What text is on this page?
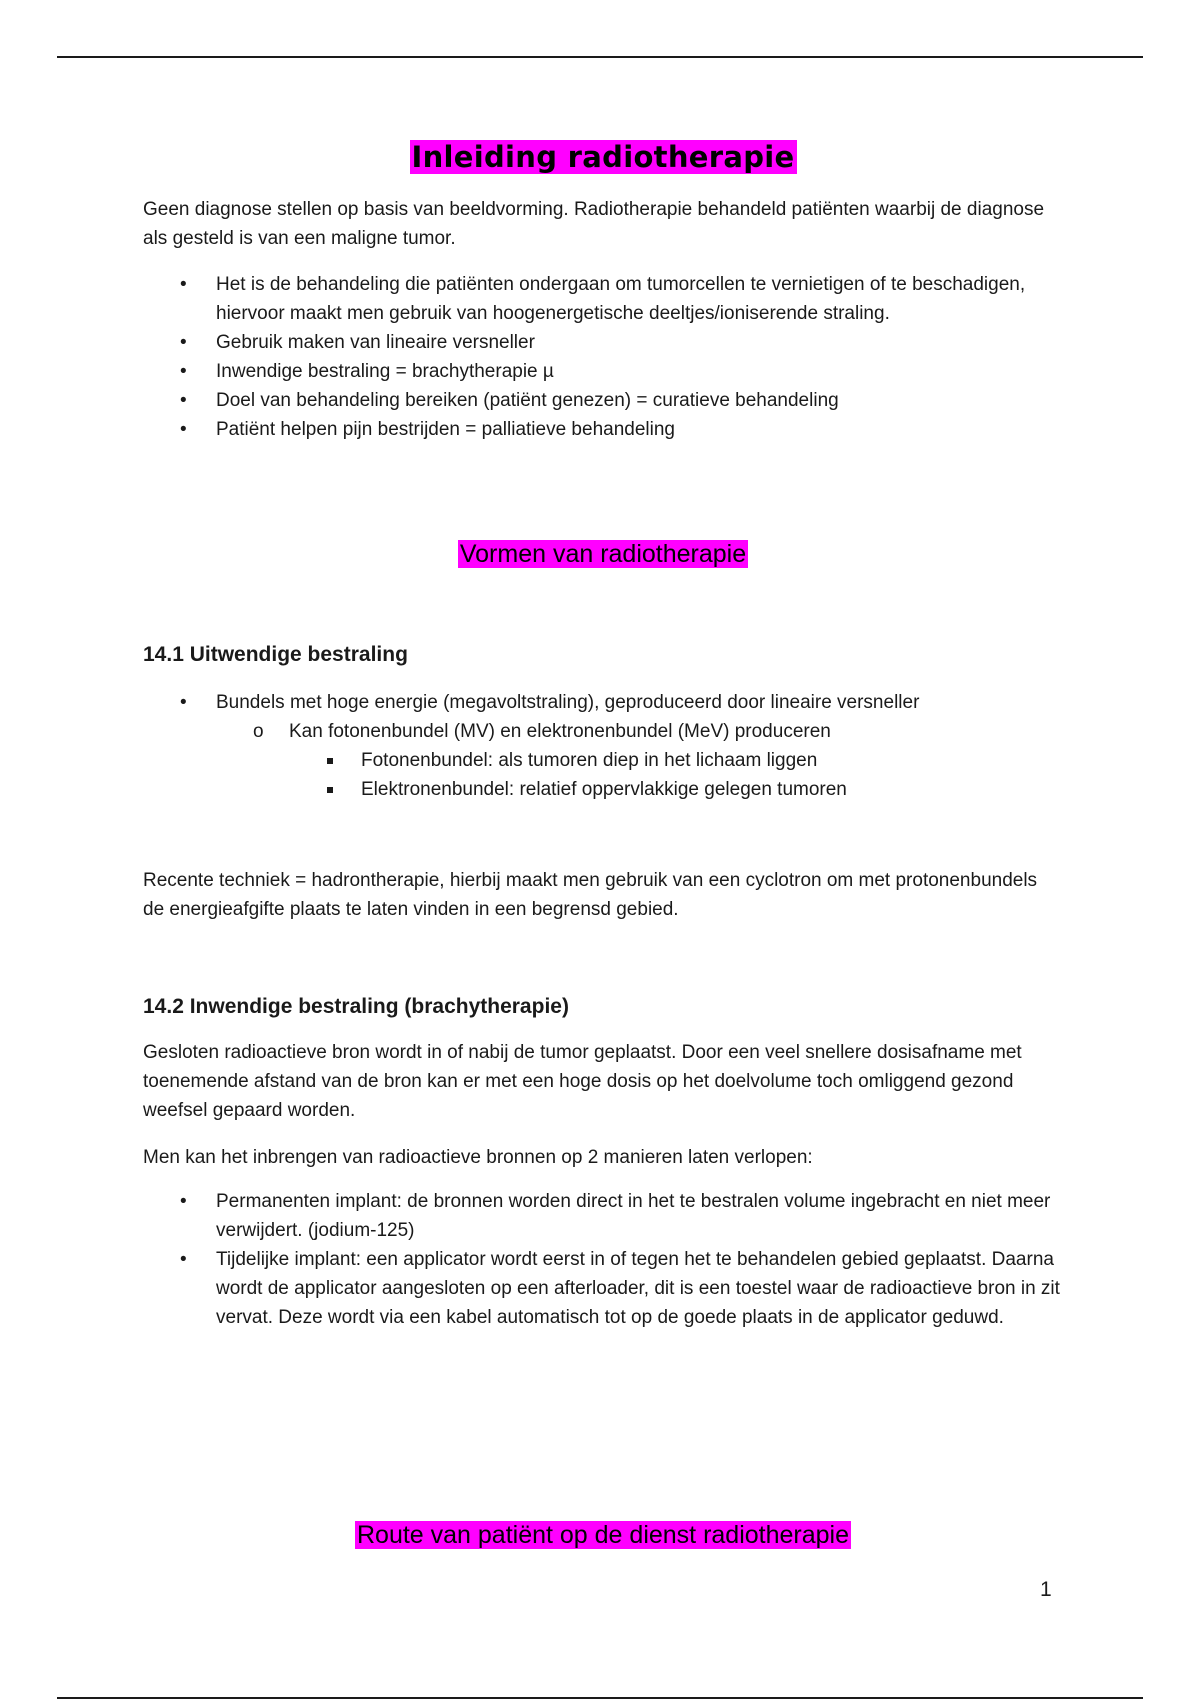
Inleiding radiotherapie

Geen diagnose stellen op basis van beeldvorming. Radiotherapie behandeld patiënten waarbij de diagnose als gesteld is van een maligne tumor.

• Het is de behandeling die patiënten ondergaan om tumorcellen te vernietigen of te beschadigen, hiervoor maakt men gebruik van hoogenergetische deeltjes/ioniserende straling.
• Gebruik maken van lineaire versneller
• Inwendige bestraling = brachytherapie µ
• Doel van behandeling bereiken (patiënt genezen) = curatieve behandeling
• Patiënt helpen pijn bestrijden = palliatieve behandeling
Vormen van radiotherapie
14.1 Uitwendige bestraling
• Bundels met hoge energie (megavoltstraling), geproduceerd door lineaire versneller
o Kan fotonenbundel (MV) en elektronenbundel (MeV) produceren
Fotonenbundel: als tumoren diep in het lichaam liggen
Elektronenbundel: relatief oppervlakkige gelegen tumoren

Recente techniek = hadrontherapie, hierbij maakt men gebruik van een cyclotron om met protonenbundels de energieafgifte plaats te laten vinden in een begrensd gebied.

14.2 Inwendige bestraling (brachytherapie)

Gesloten radioactieve bron wordt in of nabij de tumor geplaatst. Door een veel snellere dosisafname met toenemende afstand van de bron kan er met een hoge dosis op het doelvolume toch omliggend gezond weefsel gepaard worden.

Men kan het inbrengen van radioactieve bronnen op 2 manieren laten verlopen:

• Permanenten implant: de bronnen worden direct in het te bestralen volume ingebracht en niet meer verwijdert. (jodium-125)
• Tijdelijke implant: een applicator wordt eerst in of tegen het te behandelen gebied geplaatst. Daarna wordt de applicator aangesloten op een afterloader, dit is een toestel waar de radioactieve bron in zit vervat. Deze wordt via een kabel automatisch tot op de goede plaats in de applicator geduwd.
Route van patiënt op de dienst radiotherapie
1
